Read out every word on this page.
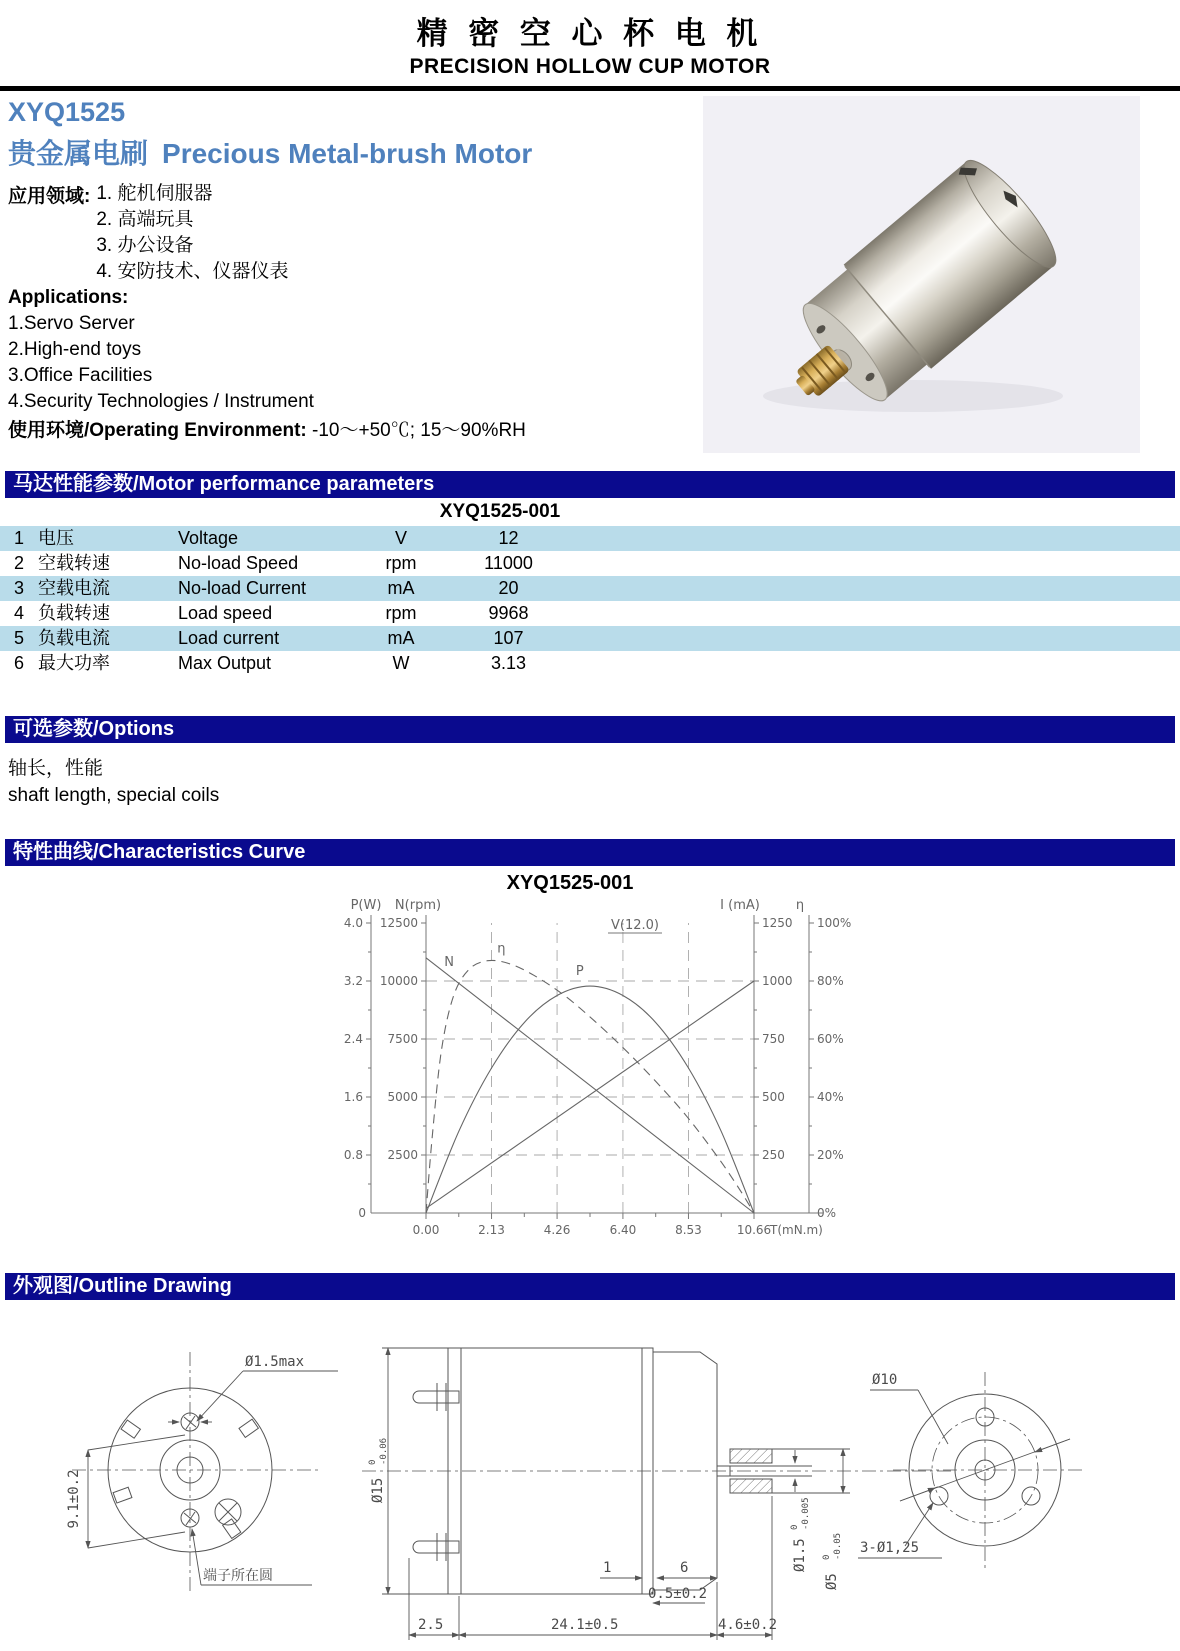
精 密 空 心 杯 电 机
PRECISION HOLLOW CUP MOTOR
XYQ1525
贵金属电刷 Precious Metal-brush Motor
应用领域: 1. 舵机伺服器
2. 高端玩具
3. 办公设备
4. 安防技术、仪器仪表
Applications:
1.Servo Server
2.High-end toys
3.Office Facilities
4.Security Technologies / Instrument
使用环境/Operating Environment: -10～+50℃; 15～90%RH
马达性能参数/Motor performance parameters
XYQ1525-001
1 电压	Voltage	V	12
2 空载转速	No-load Speed	rpm	11000
3 空载电流	No-load Current	mA	20
4 负载转速	Load speed	rpm	9968
5 负载电流	Load current	mA	107
6 最大功率	Max Output	W	3.13
可选参数/Options
轴长，性能
shaft length, special coils
特性曲线/Characteristics Curve
XYQ1525-001
P(W)
4.0
3.2
2.4
1.6
0.8
N(rpm)
12500
10000
7500
5000
2500
I (mA)
1250
1000
750
500
250
η
100%
80%
60%
40%
20%
0%
0
0.00	2.13	4.26	6.40	8.53	10.66
T(mN.m)
V(12.0)
N
P
η
外观图/Outline Drawing
9.1±0.2
Ø1.5max
端子所在圆
Ø15
0 -0.06
1	6
0.5±0.2
2.5	24.1±0.5	4.6±0.2
Ø1.5
0 -0.005
Ø5
0 -0.05
Ø10
3-Ø1,25
